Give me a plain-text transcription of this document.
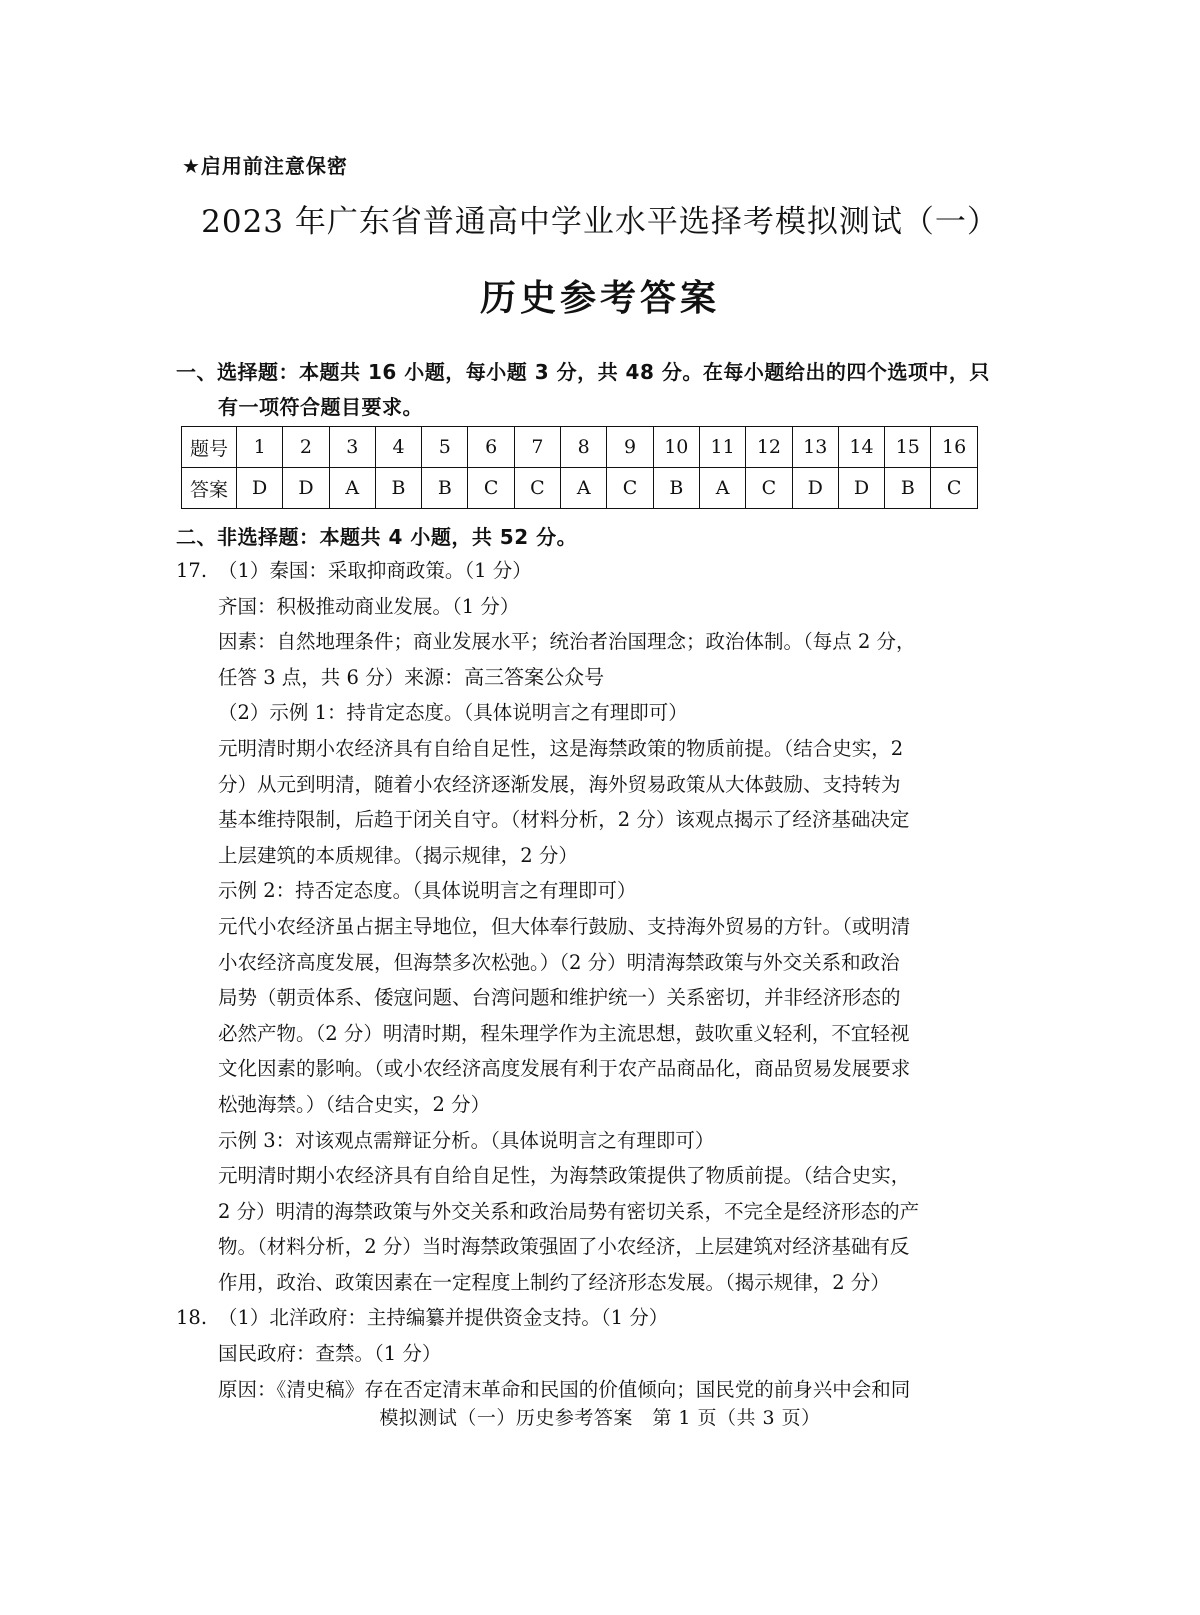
★启用前注意保密
2023 年广东省普通高中学业水平选择考模拟测试（一）
历史参考答案
一、选择题：本题共 16 小题，每小题 3 分，共 48 分。在每小题给出的四个选项中，只
有一项符合题目要求。
题号	1	2	3	4	5	6	7	8	9	10	11	12	13	14	15	16
答案	D	D	A	B	B	C	C	A	C	B	A	C	D	D	B	C
二、非选择题：本题共 4 小题，共 52 分。
17. （1）秦国：采取抑商政策。（1 分）
齐国：积极推动商业发展。（1 分）
因素：自然地理条件；商业发展水平；统治者治国理念；政治体制。（每点 2 分，
任答 3 点，共 6 分）来源：高三答案公众号
（2）示例 1：持肯定态度。（具体说明言之有理即可）
元明清时期小农经济具有自给自足性，这是海禁政策的物质前提。（结合史实，2
分）从元到明清，随着小农经济逐渐发展，海外贸易政策从大体鼓励、支持转为
基本维持限制，后趋于闭关自守。（材料分析，2 分）该观点揭示了经济基础决定
上层建筑的本质规律。（揭示规律，2 分）
示例 2：持否定态度。（具体说明言之有理即可）
元代小农经济虽占据主导地位，但大体奉行鼓励、支持海外贸易的方针。（或明清
小农经济高度发展，但海禁多次松弛。）（2 分）明清海禁政策与外交关系和政治
局势（朝贡体系、倭寇问题、台湾问题和维护统一）关系密切，并非经济形态的
必然产物。（2 分）明清时期，程朱理学作为主流思想，鼓吹重义轻利，不宜轻视
文化因素的影响。（或小农经济高度发展有利于农产品商品化，商品贸易发展要求
松弛海禁。）（结合史实，2 分）
示例 3：对该观点需辩证分析。（具体说明言之有理即可）
元明清时期小农经济具有自给自足性，为海禁政策提供了物质前提。（结合史实，
2 分）明清的海禁政策与外交关系和政治局势有密切关系，不完全是经济形态的产
物。（材料分析，2 分）当时海禁政策强固了小农经济，上层建筑对经济基础有反
作用，政治、政策因素在一定程度上制约了经济形态发展。（揭示规律，2 分）
18. （1）北洋政府：主持编纂并提供资金支持。（1 分）
国民政府：查禁。（1 分）
原因：《清史稿》存在否定清末革命和民国的价值倾向；国民党的前身兴中会和同
模拟测试（一）历史参考答案　第 1 页（共 3 页）
